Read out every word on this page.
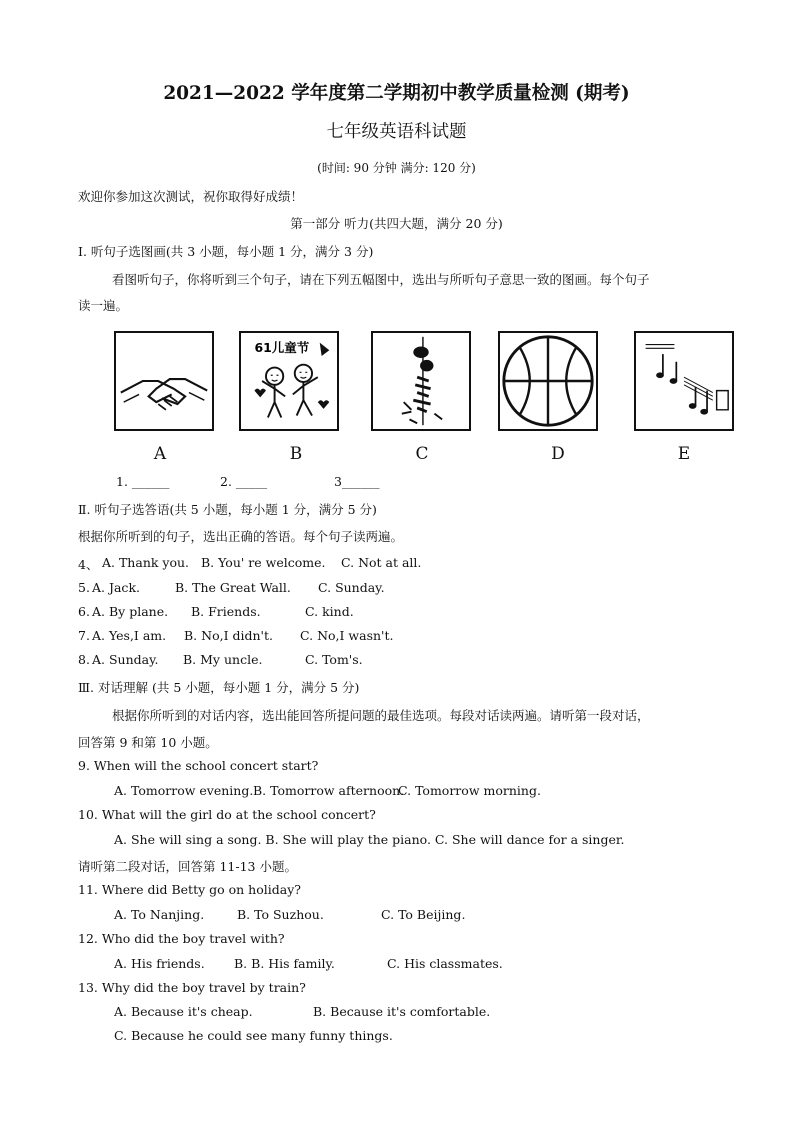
2021—2022 学年度第二学期初中教学质量检测 (期考)
七年级英语科试题
(时间: 90 分钟 满分: 120 分)
欢迎你参加这次测试，祝你取得好成绩！
第一部分 听力(共四大题，满分 20 分)
Ⅰ. 听句子选图画(共 3 小题，每小题 1 分，满分 3 分)
看图听句子，你将听到三个句子，请在下列五幅图中，选出与所听句子意思一致的图画。每个句子
读一遍。
61儿童节
A	B	C	D	E
1. ______	2. _____	3______
Ⅱ. 听句子选答语(共 5 小题，每小题 1 分，满分 5 分)
根据你所听到的句子，选出正确的答语。每个句子读两遍。
4、 A. Thank you. B. You' re welcome. C. Not at all.
5. A. Jack.	B. The Great Wall. C. Sunday.
6. A. By plane. B. Friends.	C. kind.
7. A. Yes,I am. B. No,I didn't. C. No,I wasn't.
8. A. Sunday. B. My uncle.	C. Tom's.
Ⅲ. 对话理解 (共 5 小题，每小题 1 分，满分 5 分)
根据你所听到的对话内容，选出能回答所提问题的最佳选项。每段对话读两遍。请听第一段对话，
回答第 9 和第 10 小题。
9. When will the school concert start?
A. Tomorrow evening. B. Tomorrow afternoon.
C. Tomorrow morning.
10. What will the girl do at the school concert?
A. She will sing a song. B. She will play the piano. C. She will dance for a singer.
请听第二段对话，回答第 11-13 小题。
11. Where did Betty go on holiday?
A. To Nanjing.	B. To Suzhou.	C. To Beijing.
12. Who did the boy travel with?
A. His friends. B. B. His family.	C. His classmates.
13. Why did the boy travel by train?
A. Because it's cheap.	B. Because it's comfortable.
C. Because he could see many funny things.
